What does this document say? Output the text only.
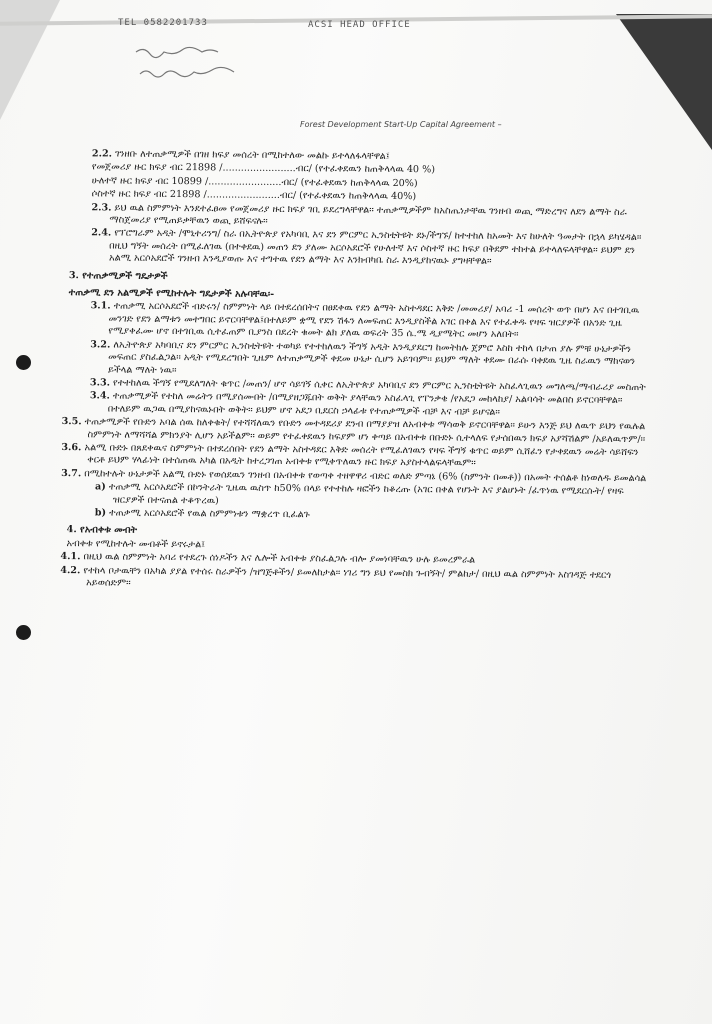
TEL 0582201733	ACSI HEAD OFFICE
Forest Development Start-Up Capital Agreement –
2.2. ገንዘቡ ለተጠቃሚዎች በገዘ ክፍያ መሰረት በሚከተለው መልኩ ይተላለፋላቸዋል፤
የመጀመሪያ ዙር ክፍያ ብር 21898 /........................ብር/ (የተፈቀደዉን ከጠቅላላዉ 40 %)
ሁለተኛ ዙር ክፍያ ብር 10899 /........................ብር/ (የተፈቀደዉን ከጠቅላላዉ 20%)
ሶስተኛ ዙር ክፍያ ብር 21898 /........................ብር/ (የተፈቀደዉን ከጠቅላላዉ 40%)
2.3. ይህ ዉል ስምምነት እንደተፈፀመ የመጀመሪያ ዙር ክፍያ ገቢ ይደረግላቸዋል፡፡ ተጠቃሚዎችም ከአስጤነታቸዉ ገንዘብ ወጪ ማድረግና ለደን ልማት ስራ ማስጀመሪያ የሚጠይቃቸዉን ወጪ ይሸፍናሉ፡፡
2.4. የፕሮግራም አዲት /ሞኒተሪንግ/ ስራ በኢትዮጵያ የአካባቢ እና ደን ምርምር ኢንስቲትዩት ደኑ/ችግኙ/ ከተተከለ ከአመት እና ከሁለት ዓመታት በኋላ ይካሄዳል፡፡ በዚህ ግኝት መሰረት በሚፈለገዉ (በተቀደዉ) መጠን ደን ያለሙ አርሶአደሮች የሁለተኛ እና ሶስተኛ ዙር ክፍያ በቅደም ተከተል ይተላለፍላቸዋል፡፡ ይህም ደን አልሚ አርሶአደሮች ገንዘብ እንዲያወጡ እና ተግተዉ የደን ልማት እና እንክብካቤ ስራ እንዲያከናዉኑ ያግዛቸዋል፡፡
3. የተጠቃሚዎች ግዴታዎች
ተጠቃሚ ደን አልሚዎች የሚከተሉት ግዴታዎች አሉባቸዉ፡-
3.1. ተጠቃሚ አርሶአደሮች ብድሩን/ ስምምነት ላይ በተደረሰበትና በፀደቀዉ የደን ልማት አስተዳደር እቅድ /መመሪያ/ አባሪ -1 መሰረት ወጥ በሆነ እና በተገቢዉ መንገድ የደን ልማቱን መተግበር ይኖርባቸዋል፤በተለይም ቋሚ የደን ሽፋን ለመፍጠር እንዲያስችል አገር በቀል እና የተፈቀዱ የዛፍ ዝርያዎች በአንድ ጊዜ የሚያቀፈሙ ሆኖ በተገቢዉ ሲተፈጠም ቢያንስ በደረት ቁመት ልክ ያለዉ ወፍረት 35 ሴ.ሜ ዲያሜትር መሆን አለበት፡፡
3.2. ለኢትዮጵያ አካባቢና ደን ምርምር ኢንስቲትዩት ተወካይ የተተከለዉን ችግኝ አዲት እንዲያደርግ ከመትከሉ ጀምሮ እስከ ተከላ በታጠ ያሉ ምቹ ሁኔታዎችን መፍጠር ያስፈልጋል፡፡ አዲት የሚደረግበት ጊዜም ለተጠቃሚዎች ቀደመ ሁኔታ ሲሆን አይገባም፡፡ ይህም ማለት ቀደሙ በራሱ ባቀደዉ ጊዜ ስራዉን ማከናወን ይችላል ማለት ነዉ፡፡
3.3. የተተከለዉ ችግኝ የሚደለግለት ቁጥር /መጠን/ ሆኖ ሳይገኝ ሲቀር ለኢትዮጵያ አካባቢና ደን ምርምር ኢንስቲትዩት አስፈላጊዉን መግለጫ/ማብራሪያ መስጠት
3.4. ተጠቃሚዎች የተከለ መሬትን በሚያሰሙበት /በሚያዘጋጁበት ወቅት ያላቸዉን አስፈላጊ የፐንቃቄ /የአደጋ መከላከያ/ አልባሳት መልበስ ይኖርባቸዋል፡፡ በተለይም ዉጋዉ በሚያከናዉኑበት ወቅት፡፡ ይህም ሆኖ አደጋ ቢደርስ ኃላፊቱ የተጠቃሚዎች ብቻ እና ብቻ ይሆናል፡፡
3.5. ተጠቃሚዎች የቡድን አባል ሰዉ ከለቀቁት/ የተሻሻለዉን የቡድን መተዳደሪያ ደንብ በማያያዝ ለአብቀቱ ማሳወቅ ይኖርባቸዋል፡፡ ይሁን እንጅ ይህ ለዉጥ ይህን የዉሉል ስምምነት ለማሻሻል ምክንያት ሊሆን አይችልም፡፡ ወይም የተፈቀደዉን ከፍያም ሆነ ቀጣይ በአብቀቱ በቡድኑ ሲተላለፍ የታሰበዉን ክፍያ አያሻሽልም /አይለዉጥም/፡፡
3.6. አልሚ ቡድኑ በጸደቀዉና ስምምነት በተደረሰበት የደን ልማት አስተዳደር እቅድ መሰረት የሚፈለገዉን የዛፍ ችግኝ ቁጥር ወይም ሲሸፈን የታቀደዉን መሬት ሳይሸፍን ቀርቶ ይህም ሃላፊነት በተሰጠዉ አካል በአዲት ከተረጋገጠ አብቀቱ የሚቀጥለዉን ዙር ክፍያ አያስተላልፍላቸዉም፡፡
3.7. በሚከተሉት ሁኔታዎች አልሚ ቡድኑ የወሰደዉን ገንዘብ በአብቀቱ የወጣቀ ተዘዋዋሪ ብድር ወለድ ምጣኔ (6% (ስምንት በመቶ)) በአመት ተሰልቶ ከነወለዱ ይመልሳል
a) ተጠቃሚ አርሶአደሮች በኮንትራት ጊዜዉ ዉስጥ ከ50% በላይ የተተከሉ ዛፎችን ከቆረጡ (አገር በቀል የሆኑት እና ያልሆኑት /ፈጥነዉ የሚደርሱት/ የዛፍ ዝርያዎች በተናጠል ተቆጥረዉ)
b) ተጠቃሚ አርሶአደሮች የዉል ስምምነቱን ማቋረጥ ቢፈልጉ
4. የአብቀቱ መብት
አብቀቱ የሚከተሉት መብቶች ይኖሩታል፤
4.1. በዚህ ዉል ስምምነት አባሪ የተደረጉ ሰነዶችን እና ሌሎች አብቀቱ ያስፈልጋሉ ብሎ ያመነባቸዉን ሁሉ ይመረምራል
4.2. የተከላ ቦታዉቸን በአካል ያያል የተሰሩ ስራዎችን /ዝግጅቶችን/ ይመለከታል፡፡ ነገሪ ግን ይህ የመስክ ጉብኝት/ ምልከታ/ በዚህ ዉል ስምምነት አስገዳጅ ተደርጎ አይወሰድም፡፡
